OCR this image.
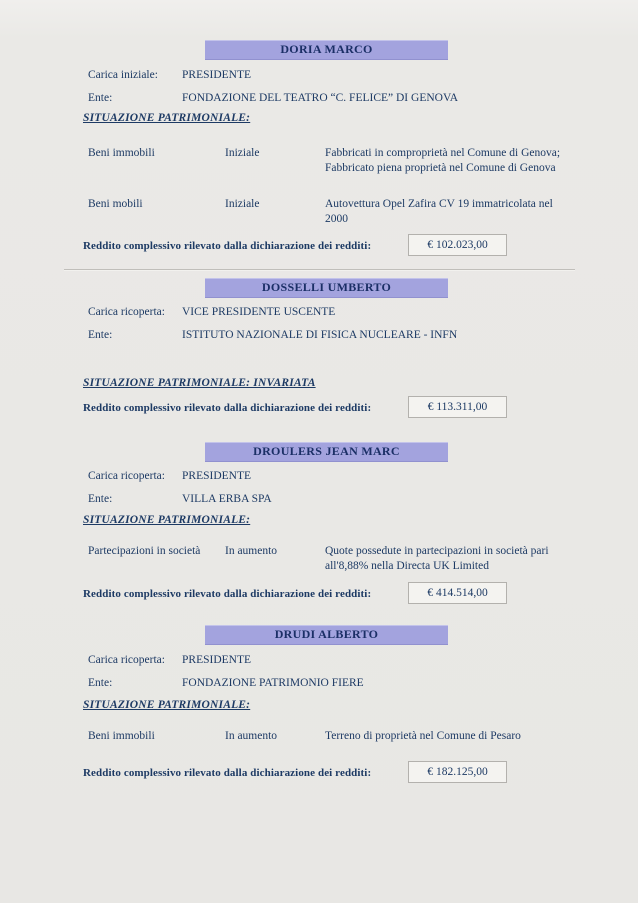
DORIA MARCO
Carica iniziale: PRESIDENTE
Ente:	FONDAZIONE DEL TEATRO “C. FELICE” DI GENOVA
SITUAZIONE PATRIMONIALE:
Beni immobili	Iniziale	Fabbricati in comproprietà nel Comune di Genova; Fabbricato piena proprietà nel Comune di Genova
Beni mobili	Iniziale	Autovettura Opel Zafira CV 19 immatricolata nel 2000
Reddito complessivo rilevato dalla dichiarazione dei redditi:	€ 102.023,00
DOSSELLI UMBERTO
Carica ricoperta: VICE PRESIDENTE USCENTE
Ente:	ISTITUTO NAZIONALE DI FISICA NUCLEARE - INFN
SITUAZIONE PATRIMONIALE: INVARIATA
Reddito complessivo rilevato dalla dichiarazione dei redditi:	€ 113.311,00
DROULERS JEAN MARC
Carica ricoperta: PRESIDENTE
Ente:	VILLA ERBA SPA
SITUAZIONE PATRIMONIALE:
Partecipazioni in società	In aumento	Quote possedute in partecipazioni in società pari all'8,88% nella Directa UK Limited
Reddito complessivo rilevato dalla dichiarazione dei redditi:	€ 414.514,00
DRUDI ALBERTO
Carica ricoperta: PRESIDENTE
Ente:	FONDAZIONE PATRIMONIO FIERE
SITUAZIONE PATRIMONIALE:
Beni immobili	In aumento	Terreno di proprietà nel Comune di Pesaro
Reddito complessivo rilevato dalla dichiarazione dei redditi:	€ 182.125,00
